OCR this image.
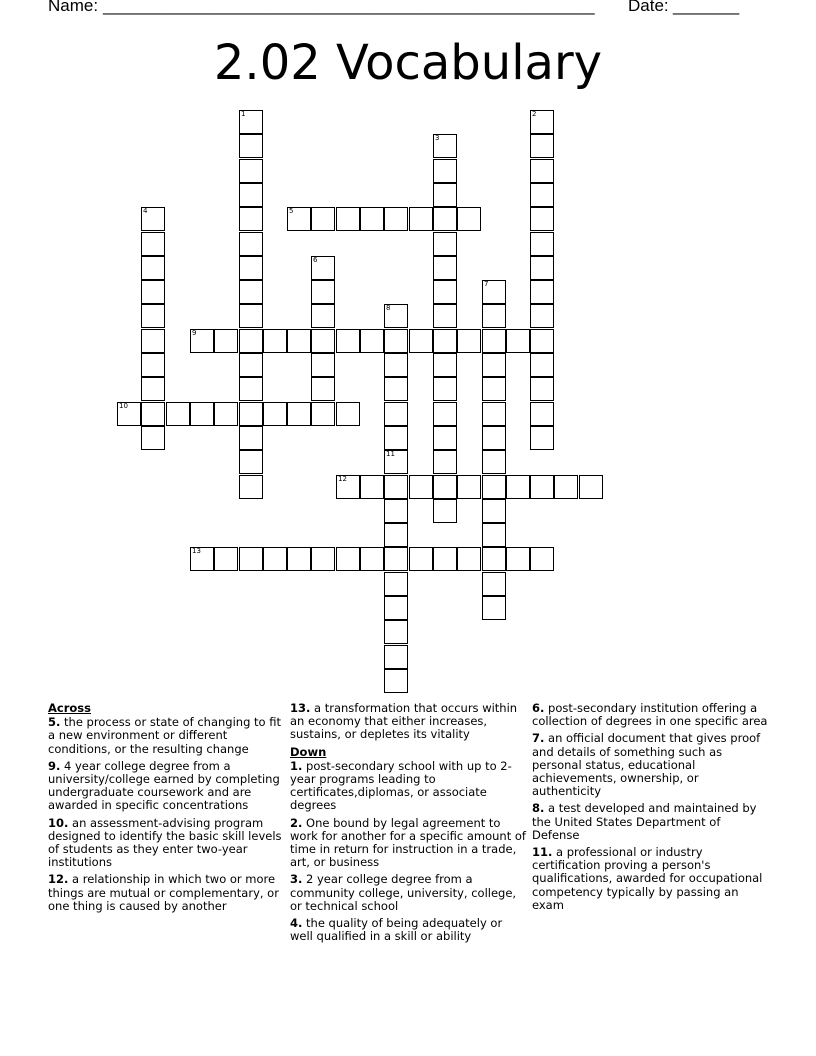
Name: ____________________________________________________ Date: _______
2.02 Vocabulary
1	2
3
4	5
6
7
8
9
10
11
12
13
Across
5. the process or state of changing to fit a new environment or different conditions, or the resulting change
9. 4 year college degree from a university/college earned by completing undergraduate coursework and are awarded in specific concentrations
10. an assessment-advising program designed to identify the basic skill levels of students as they enter two-year institutions
12. a relationship in which two or more things are mutual or complementary, or one thing is caused by another
13. a transformation that occurs within an economy that either increases, sustains, or depletes its vitality
Down
1. post-secondary school with up to 2-year programs leading to certificates,diplomas, or associate degrees
2. One bound by legal agreement to work for another for a specific amount of time in return for instruction in a trade, art, or business
3. 2 year college degree from a community college, university, college, or technical school
4. the quality of being adequately or well qualified in a skill or ability
6. post-secondary institution offering a collection of degrees in one specific area
7. an official document that gives proof and details of something such as personal status, educational achievements, ownership, or authenticity
8. a test developed and maintained by the United States Department of Defense
11. a professional or industry certification proving a person's qualifications, awarded for occupational competency typically by passing an exam
